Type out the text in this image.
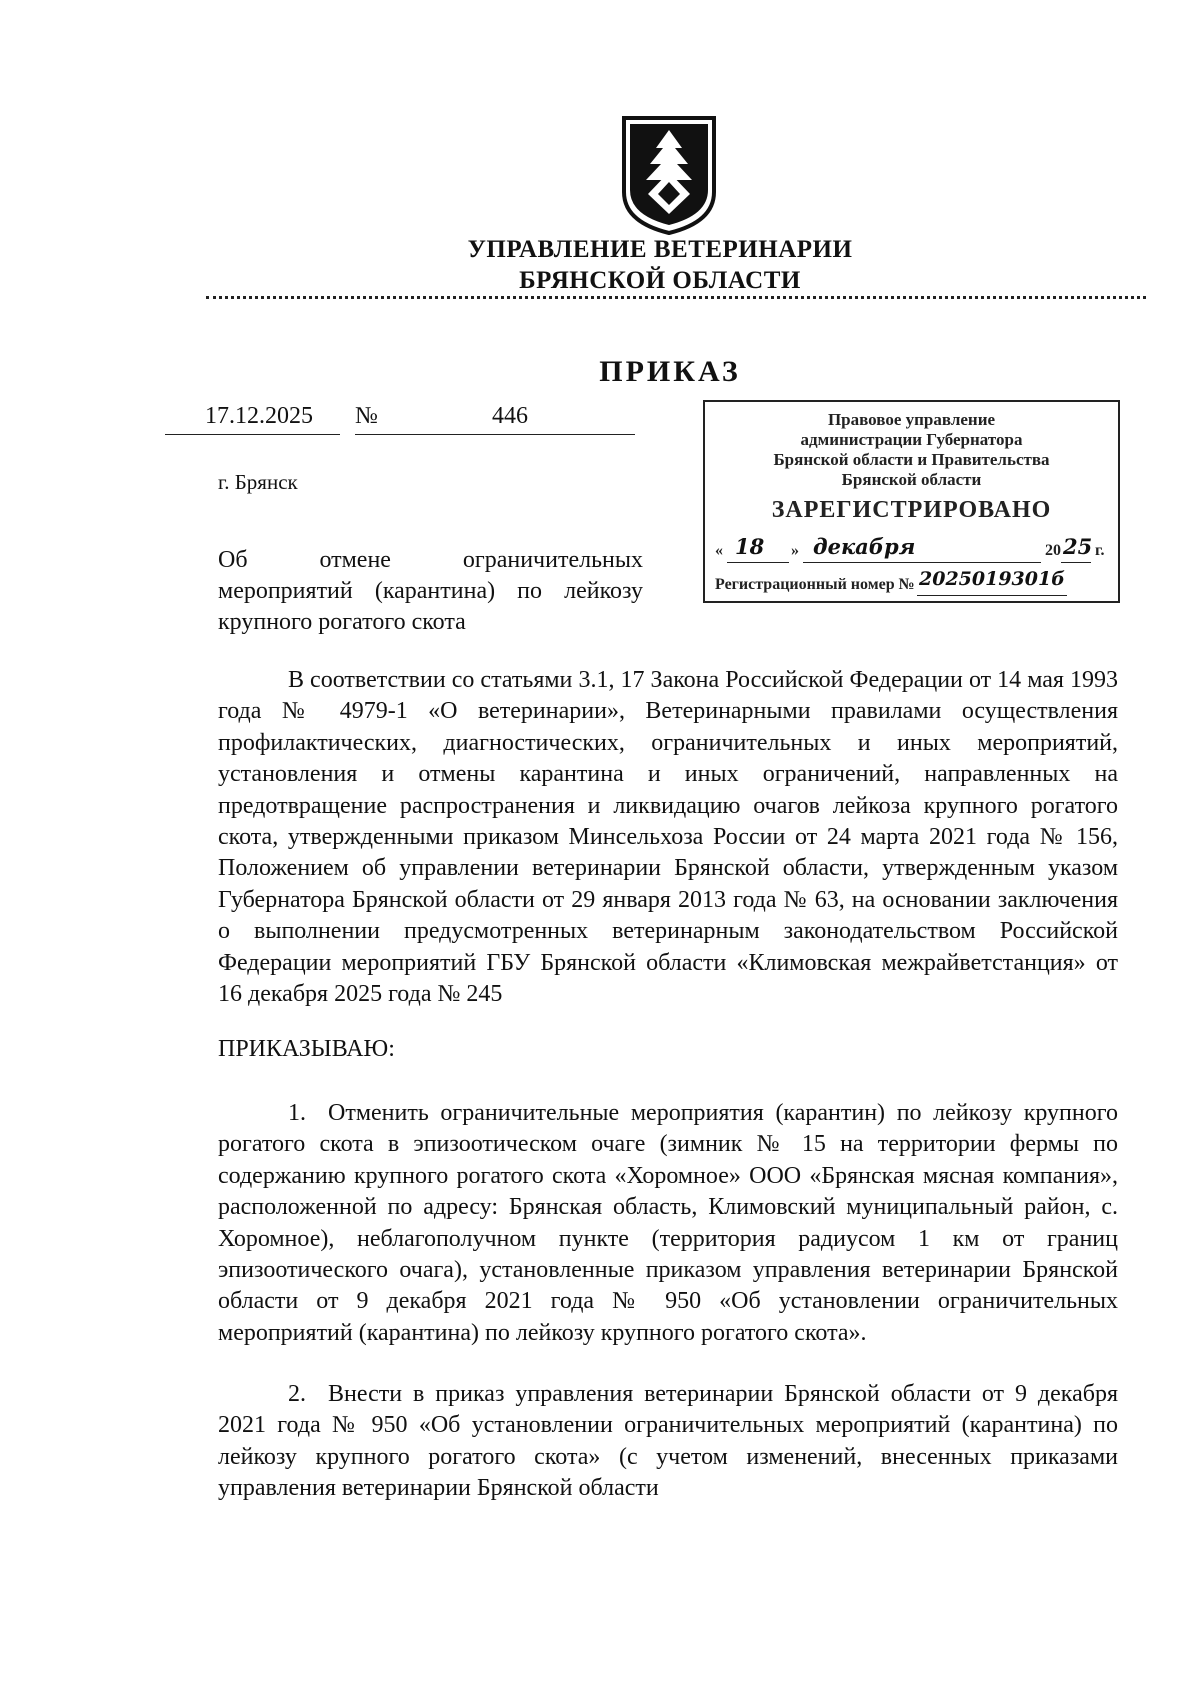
УПРАВЛЕНИЕ ВЕТЕРИНАРИИ
БРЯНСКОЙ ОБЛАСТИ
ПРИКАЗ
17.12.2025 №	446
г. Брянск
Об отмене ограничительных мероприятий (карантина) по лейкозу крупного рогатого скота
Правовое управление
администрации Губернатора
Брянской области и Правительства
Брянской области
ЗАРЕГИСТРИРОВАНО
« 18 » декабря	20 25 г.
Регистрационный номер № 2025019301б
В соответствии со статьями 3.1, 17 Закона Российской Федерации от 14 мая 1993 года № 4979-1 «О ветеринарии», Ветеринарными правилами осуществления профилактических, диагностических, ограничительных и иных мероприятий, установления и отмены карантина и иных ограничений, направленных на предотвращение распространения и ликвидацию очагов лейкоза крупного рогатого скота, утвержденными приказом Минсельхоза России от 24 марта 2021 года № 156, Положением об управлении ветеринарии Брянской области, утвержденным указом Губернатора Брянской области от 29 января 2013 года № 63, на основании заключения о выполнении предусмотренных ветеринарным законодательством Российской Федерации мероприятий ГБУ Брянской области «Климовская межрайветстанция» от 16 декабря 2025 года № 245
ПРИКАЗЫВАЮ:
1. Отменить ограничительные мероприятия (карантин) по лейкозу крупного рогатого скота в эпизоотическом очаге (зимник № 15 на территории фермы по содержанию крупного рогатого скота «Хоромное» ООО «Брянская мясная компания», расположенной по адресу: Брянская область, Климовский муниципальный район, с. Хоромное), неблагополучном пункте (территория радиусом 1 км от границ эпизоотического очага), установленные приказом управления ветеринарии Брянской области от 9 декабря 2021 года № 950 «Об установлении ограничительных мероприятий (карантина) по лейкозу крупного рогатого скота».
2. Внести в приказ управления ветеринарии Брянской области от 9 декабря 2021 года № 950 «Об установлении ограничительных мероприятий (карантина) по лейкозу крупного рогатого скота» (с учетом изменений, внесенных приказами управления ветеринарии Брянской области
